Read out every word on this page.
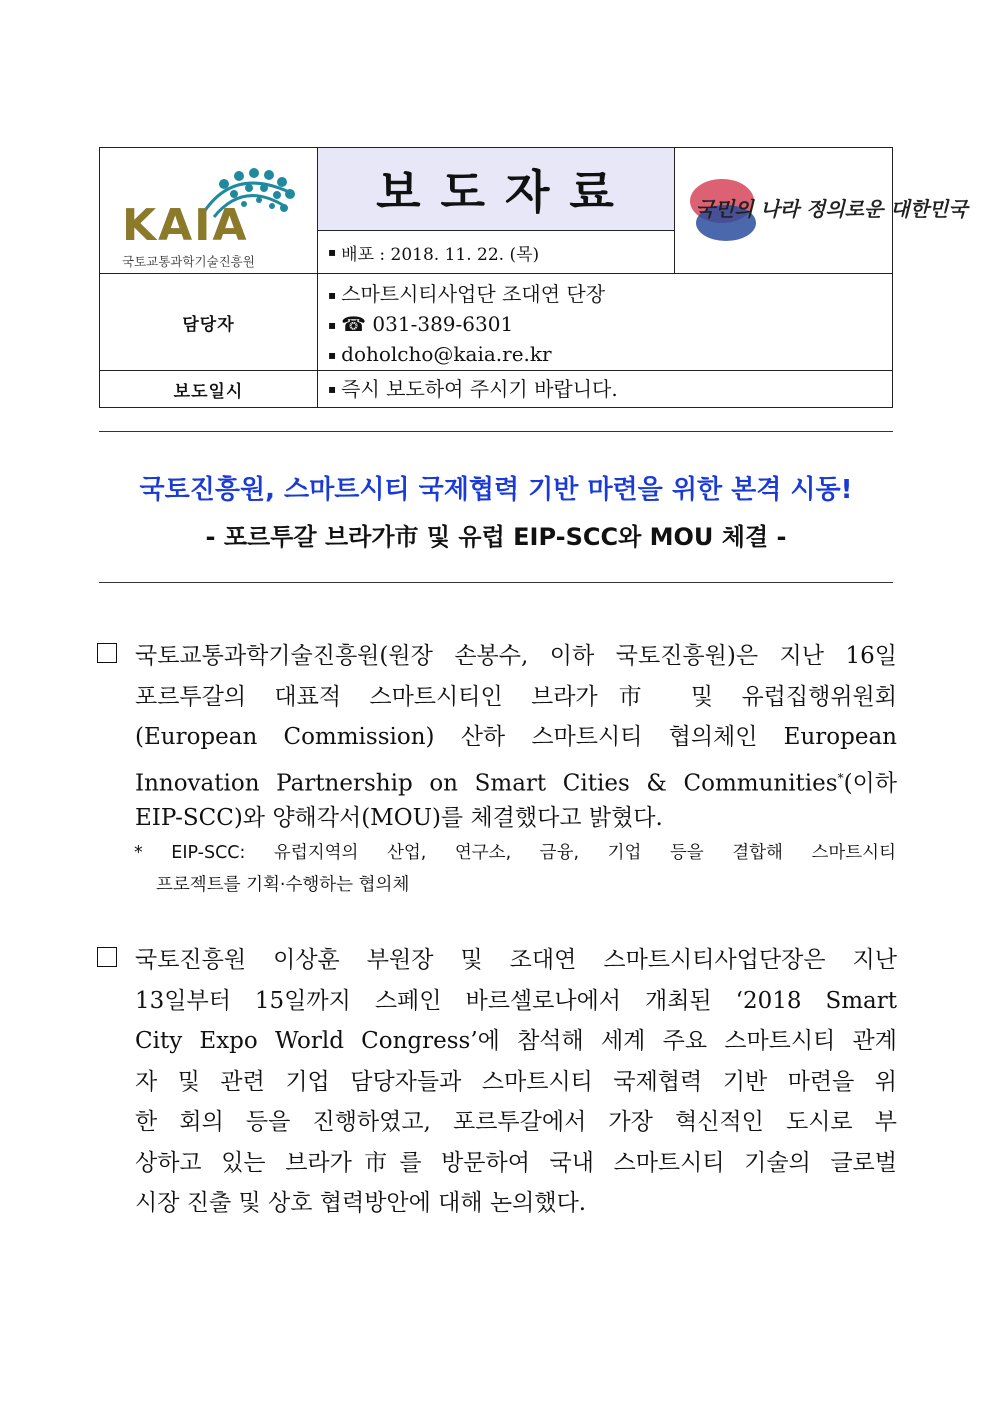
KAIA
국토교통과학기술진흥원
보도자료
▪ 배포 : 2018. 11. 22. (목)
국민의 나라 정의로운 대한민국
담당자
▪ 스마트시티사업단 조대연 단장
▪ ☎ 031-389-6301
▪ doholcho@kaia.re.kr
보도일시	▪ 즉시 보도하여 주시기 바랍니다.
국토진흥원, 스마트시티 국제협력 기반 마련을 위한 본격 시동!
- 포르투갈 브라가市 및 유럽 EIP-SCC와 MOU 체결 -
국토교통과학기술진흥원(원장 손봉수, 이하 국토진흥원)은 지난 16일
포르투갈의 대표적 스마트시티인 브라가市 및 유럽집행위원회
(European Commission) 산하 스마트시티 협의체인 European
Innovation Partnership on Smart Cities & Communities*(이하
EIP-SCC)와 양해각서(MOU)를 체결했다고 밝혔다.
* EIP-SCC: 유럽지역의 산업, 연구소, 금융, 기업 등을 결합해 스마트시티
프로젝트를 기획·수행하는 협의체
국토진흥원 이상훈 부원장 및 조대연 스마트시티사업단장은 지난
13일부터 15일까지 스페인 바르셀로나에서 개최된 ‘2018 Smart
City Expo World Congress’에 참석해 세계 주요 스마트시티 관계
자 및 관련 기업 담당자들과 스마트시티 국제협력 기반 마련을 위
한 회의 등을 진행하였고, 포르투갈에서 가장 혁신적인 도시로 부
상하고 있는 브라가市를 방문하여 국내 스마트시티 기술의 글로벌
시장 진출 및 상호 협력방안에 대해 논의했다.
